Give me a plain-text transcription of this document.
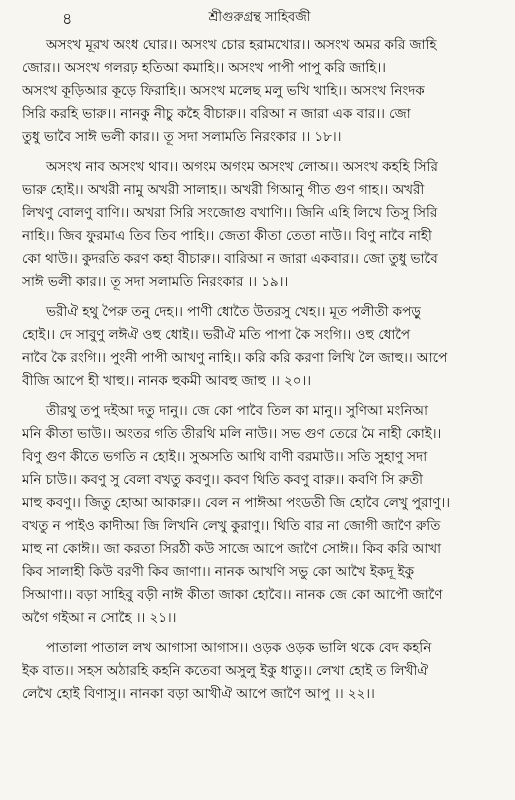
৪	শ্রীগুরুগ্রন্থ সাহিবজী
অসংখ মূরখ অংধ ঘোর।। অসংখ চোর হরামখোর।। অসংখ অমর করি জাহি
জোর।। অসংখ গলরঢ় হতিআ কমাহি।। অসংখ পাপী পাপু করি জাহি।।
অসংখ কূড়িআর কূড়ে ফিরাহি।। অসংখ মলেছ মলু ভখি খাহি।। অসংখ নিংদক
সিরি করহি ভারু।। নানকু নীচু কহৈ বীচারু।। বরিআ ন জারা এক বার।। জো
তুধু ভাবৈ সাঈ ভলী কার।। তূ সদা সলামতি নিরংকার ।। ১৮।।
অসংখ নাব অসংখ থাব।। অগংম অগংম অসংখ লোঅ।। অসংখ কহহি সিরি
ভারু হোই।। অখরী নামু অখরী সালাহ।। অখরী গিআনু গীত গুণ গাহ।। অখরী
লিখণু বোলণু বাণি।। অখরা সিরি সংজোগু বখাণি।। জিনি এহি লিখে তিসু সিরি
নাহি।। জিব ফুরমাএ তিব তিব পাহি।। জেতা কীতা তেতা নাউ।। বিণু নাবৈ নাহী
কো থাউ।। কুদরতি করণ কহা বীচারু।। বারিআ ন জারা একবার।। জো তুধু ভাবৈ
সাঈ ভলী কার।। তূ সদা সলামতি নিরংকার ।। ১৯।।
ভরীঐ হথু পৈরু তনু দেহ।। পাণী ধোতৈ উতরসু খেহ।। মূত পলীতী কপড়ু
হোই।। দে সাবুণু লঈঐ ওহু ধোই।। ভরীঐ মতি পাপা কৈ সংগি।। ওহু ধোপৈ
নাবৈ কৈ রংগি।। পুংনী পাপী আখণু নাহি।। করি করি করণা লিখি লৈ জাহু।। আপে
বীজি আপে হী খাহু।। নানক হুকমী আবহু জাহু ।। ২০।।
তীরথু তপু দইআ দতু দানু।। জে কো পাবৈ তিল কা মানু।। সুণিআ মংনিআ
মনি কীতা ভাউ।। অংতর গতি তীরথি মলি নাউ।। সভ গুণ তেরে মৈ নাহী কোই।।
বিণু গুণ কীতে ভগতি ন হোই।। সুঅসতি আথি বাণী বরমাউ।। সতি সুহাণু সদা
মনি চাউ।। কবণু সু বেলা বখতু কবণু।। কবণ থিতি কবণু বারু।। কবণি সি রুতী
মাহু কবণু।। জিতু হোআ আকারু।। বেল ন পাঈআ পংডতী জি হোবৈ লেখু পুরাণু।।
বখতু ন পাইও কাদীআ জি লিখনি লেখু কুরাণু।। থিতি বার না জোগী জাণৈ রুতি
মাহু না কোঈ।। জা করতা সিরঠী কউ সাজে আপে জাণৈ সোঈ।। কিব করি আখা
কিব সালাহী কিউ বরণী কিব জাণা।। নানক আখণি সভু কো আখৈ ইকদূ ইকু
সিআণা।। বড়া সাহিবু বড়ী নাঈ কীতা জাকা হোবৈ।। নানক জে কো আপৌ জাণৈ
অগৈ গইআ ন সোহৈ ।। ২১।।
পাতালা পাতাল লখ আগাসা আগাস।। ওড়ক ওড়ক ভালি থকে বেদ কহনি
ইক বাত।। সহস অঠারহি কহনি কতেবা অসুলু ইকু ধাতু।। লেখা হোই ত লিখীঐ
লেখৈ হোই বিণাসু।। নানকা বড়া আখীঐ আপে জাণৈ আপু ।। ২২।।
